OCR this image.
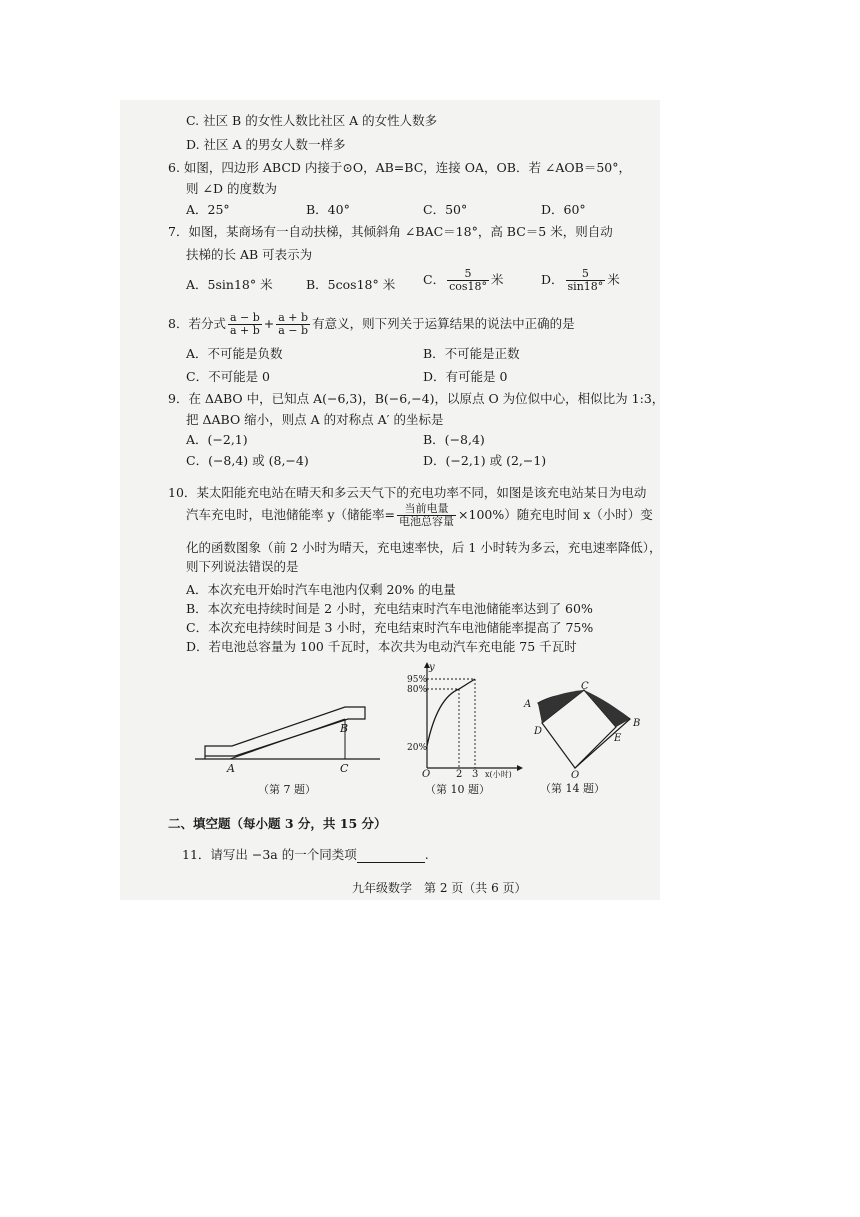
C. 社区 B 的女性人数比社区 A 的女性人数多
D. 社区 A 的男女人数一样多
6. 如图，四边形 ABCD 内接于⊙O，AB=BC，连接 OA，OB．若 ∠AOB＝50°，
则 ∠D 的度数为
A．25°	B．40°	C．50°	D．60°
7．如图，某商场有一自动扶梯，其倾斜角 ∠BAC＝18°，高 BC＝5 米，则自动
扶梯的长 AB 可表示为
A．5sin18° 米	B．5cos18° 米 C． $\frac{5}{\cos 18^\circ}$ 米	D． $\frac{5}{\sin 18^\circ}$ 米
8．若分式 $\frac{a - b}{a + b} + \frac{a + b}{a - b}$ 有意义，则下列关于运算结果的说法中正确的是
A．不可能是负数	B．不可能是正数
C．不可能是 0	D．有可能是 0
9．在 ΔABO 中，已知点 A(−6,3)，B(−6,−4)，以原点 O 为位似中心，相似比为 1:3，
把 ΔABO 缩小，则点 A 的对称点 A′ 的坐标是
A．(−2,1)	B．(−8,4)
C．(−8,4) 或 (8,−4)	D．(−2,1) 或 (2,−1)
10．某太阳能充电站在晴天和多云天气下的充电功率不同，如图是该充电站某日为电动
汽车充电时，电池储能率 y（储能率= $\frac{\text{当前电量}}{\text{电池总容量}} \times 100\%$）随充电时间 x（小时）变
化的函数图象（前 2 小时为晴天，充电速率快，后 1 小时转为多云，充电速率降低），
则下列说法错误的是
A．本次充电开始时汽车电池内仅剩 20% 的电量
B．本次充电持续时间是 2 小时，充电结束时汽车电池储能率达到了 60%
C．本次充电持续时间是 3 小时，充电结束时汽车电池储能率提高了 75%
D．若电池总容量为 100 千瓦时，本次共为电动汽车充电能 75 千瓦时
A
B
C
（第 7 题）
y
95%
80%
20%
O	2 3 x(小时)
（第 10 题）
A
C
B
D
E
O
（第 14 题）
二、填空题（每小题 3 分，共 15 分）
11．请写出 −3a 的一个同类项	.
九年级数学　第 2 页（共 6 页）
